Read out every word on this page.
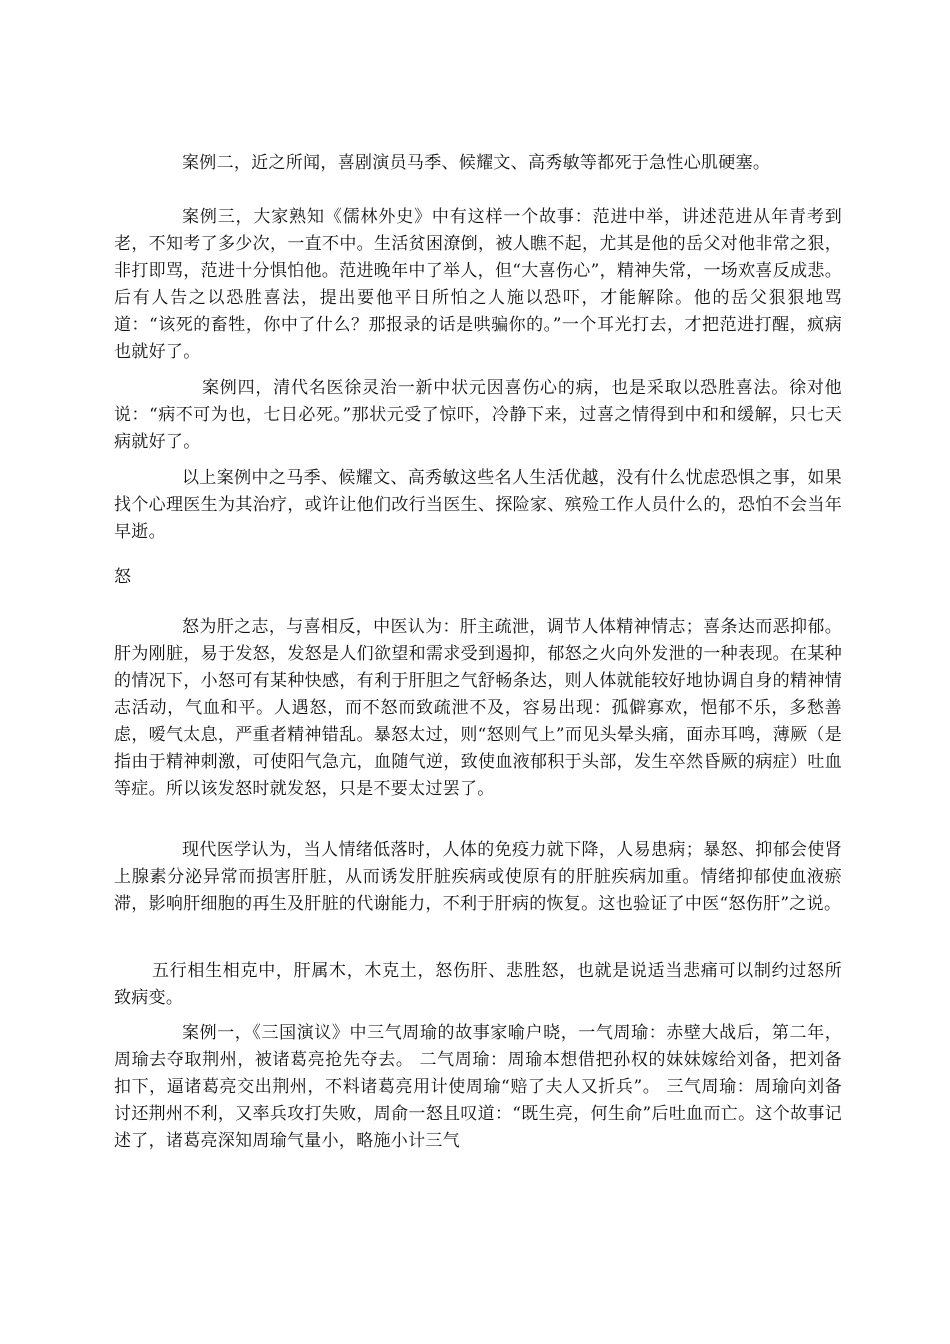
案例二，近之所闻，喜剧演员马季、候耀文、高秀敏等都死于急性心肌硬塞。

案例三，大家熟知《儒林外史》中有这样一个故事：范进中举，讲述范进从年青考到老，不知考了多少次，一直不中。生活贫困潦倒，被人瞧不起，尤其是他的岳父对他非常之狠，非打即骂，范进十分惧怕他。范进晚年中了举人，但“大喜伤心”，精神失常，一场欢喜反成悲。后有人告之以恐胜喜法，提出要他平日所怕之人施以恐吓，才能解除。他的岳父狠狠地骂道：“该死的畜牲，你中了什么？那报录的话是哄骗你的。”一个耳光打去，才把范进打醒，疯病也就好了。

案例四，清代名医徐灵治一新中状元因喜伤心的病，也是采取以恐胜喜法。徐对他说：“病不可为也，七日必死。”那状元受了惊吓，冷静下来，过喜之情得到中和和缓解，只七天病就好了。

以上案例中之马季、候耀文、高秀敏这些名人生活优越，没有什么忧虑恐惧之事，如果找个心理医生为其治疗，或许让他们改行当医生、探险家、殡殓工作人员什么的，恐怕不会当年早逝。

怒

怒为肝之志，与喜相反，中医认为：肝主疏泄，调节人体精神情志；喜条达而恶抑郁。肝为刚脏，易于发怒，发怒是人们欲望和需求受到遏抑，郁怒之火向外发泄的一种表现。在某种的情况下，小怒可有某种快感，有利于肝胆之气舒畅条达，则人体就能较好地协调自身的精神情志活动，气血和平。人遇怒，而不怒而致疏泄不及，容易出现：孤僻寡欢，悒郁不乐，多愁善虑，嗳气太息，严重者精神错乱。暴怒太过，则“怒则气上”而见头晕头痛，面赤耳鸣，薄厥（是指由于精神刺激，可使阳气急亢，血随气逆，致使血液郁积于头部，发生卒然昏厥的病症）吐血等症。所以该发怒时就发怒，只是不要太过罢了。

现代医学认为，当人情绪低落时，人体的免疫力就下降，人易患病；暴怒、抑郁会使肾上腺素分泌异常而损害肝脏，从而诱发肝脏疾病或使原有的肝脏疾病加重。情绪抑郁使血液瘀滞，影响肝细胞的再生及肝脏的代谢能力，不利于肝病的恢复。这也验证了中医“怒伤肝”之说。

五行相生相克中，肝属木，木克土，怒伤肝、悲胜怒，也就是说适当悲痛可以制约过怒所致病变。

案例一，《三国演议》中三气周瑜的故事家喻户晓，一气周瑜：赤壁大战后，第二年，周瑜去夺取荆州，被诸葛亮抢先夺去。 二气周瑜：周瑜本想借把孙权的妹妹嫁给刘备，把刘备扣下，逼诸葛亮交出荆州，不料诸葛亮用计使周瑜“赔了夫人又折兵”。 三气周瑜：周瑜向刘备讨还荆州不利，又率兵攻打失败，周俞一怒且叹道：“既生亮，何生俞”后吐血而亡。这个故事记述了，诸葛亮深知周瑜气量小，略施小计三气
